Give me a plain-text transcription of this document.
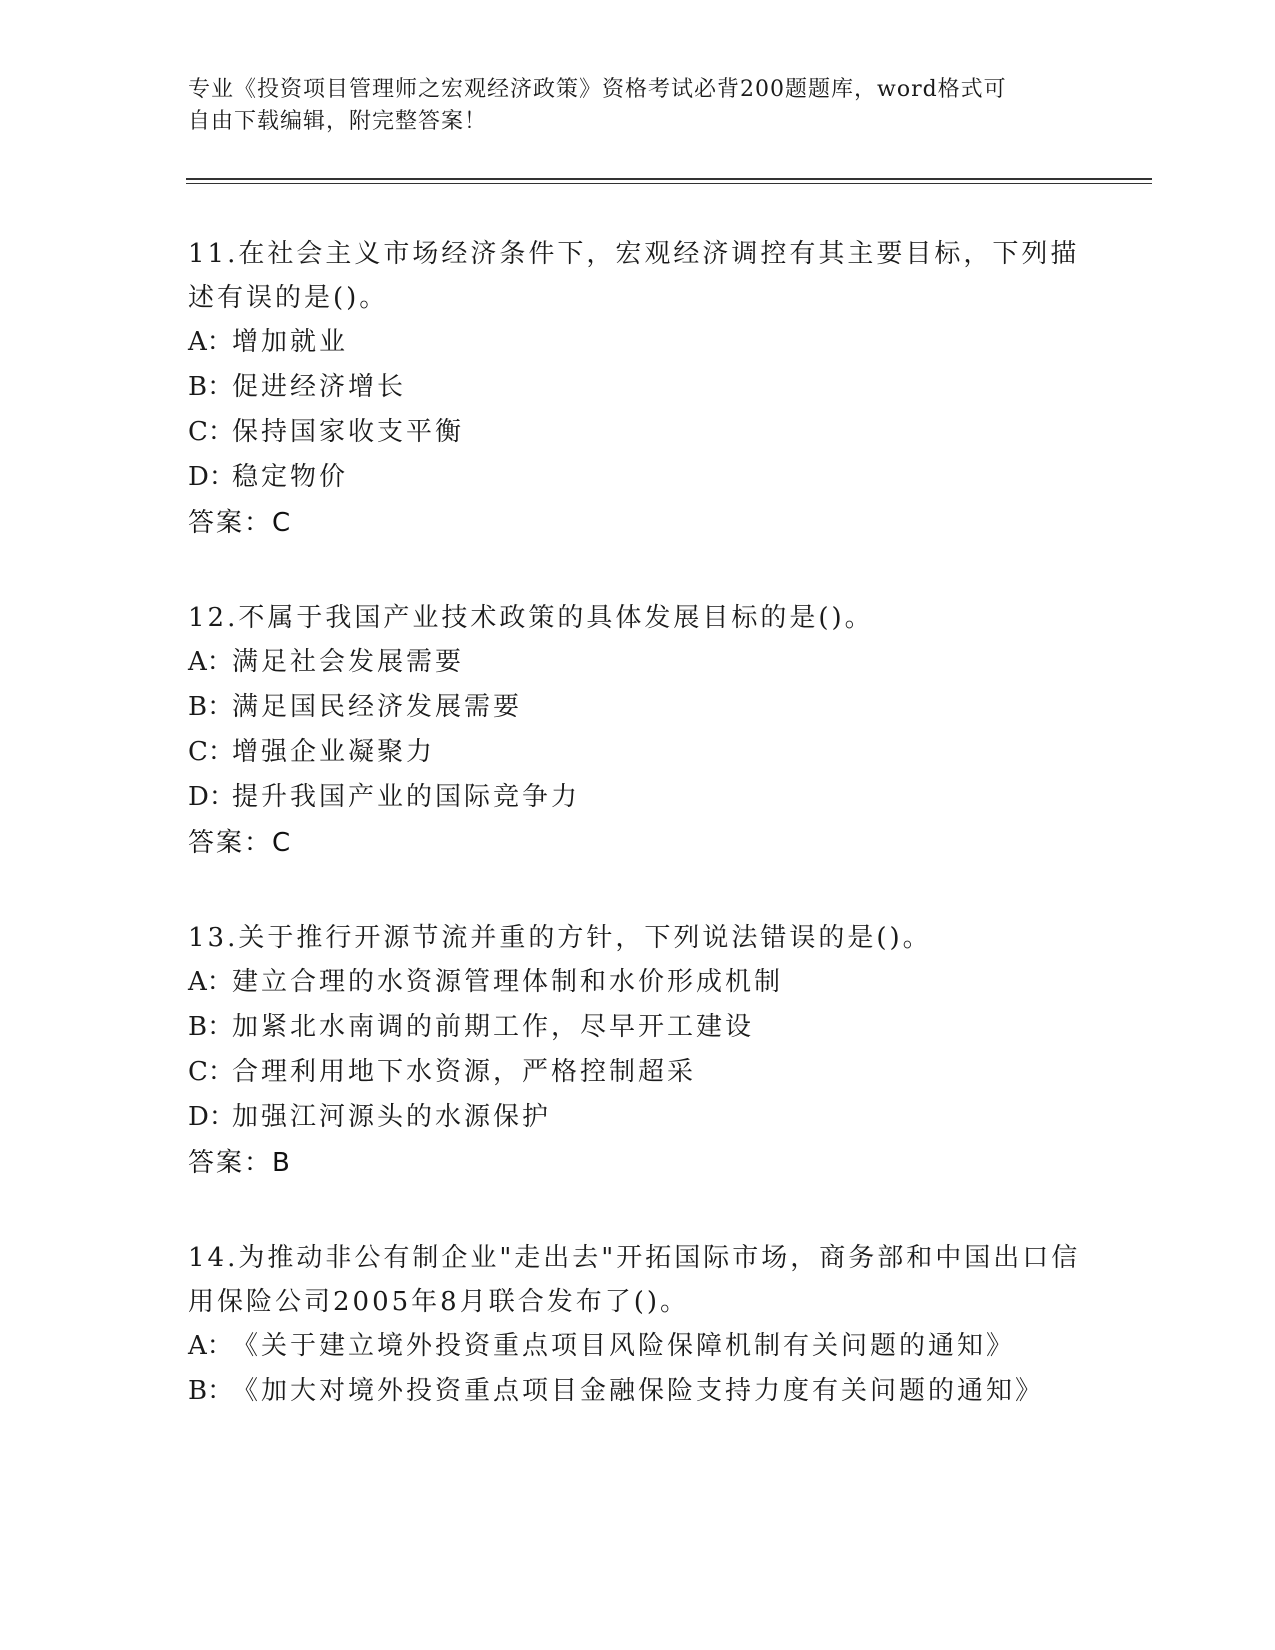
专业《投资项目管理师之宏观经济政策》资格考试必背200题题库，word格式可
自由下载编辑，附完整答案！
11.在社会主义市场经济条件下，宏观经济调控有其主要目标，下列描述有误的是()。
A：增加就业
B：促进经济增长
C：保持国家收支平衡
D：稳定物价
答案：C
12.不属于我国产业技术政策的具体发展目标的是()。
A：满足社会发展需要
B：满足国民经济发展需要
C：增强企业凝聚力
D：提升我国产业的国际竞争力
答案：C
13.关于推行开源节流并重的方针，下列说法错误的是()。
A：建立合理的水资源管理体制和水价形成机制
B：加紧北水南调的前期工作，尽早开工建设
C：合理利用地下水资源，严格控制超采
D：加强江河源头的水源保护
答案：B
14.为推动非公有制企业"走出去"开拓国际市场，商务部和中国出口信用保险公司2005年8月联合发布了()。
A：《关于建立境外投资重点项目风险保障机制有关问题的通知》
B：《加大对境外投资重点项目金融保险支持力度有关问题的通知》
